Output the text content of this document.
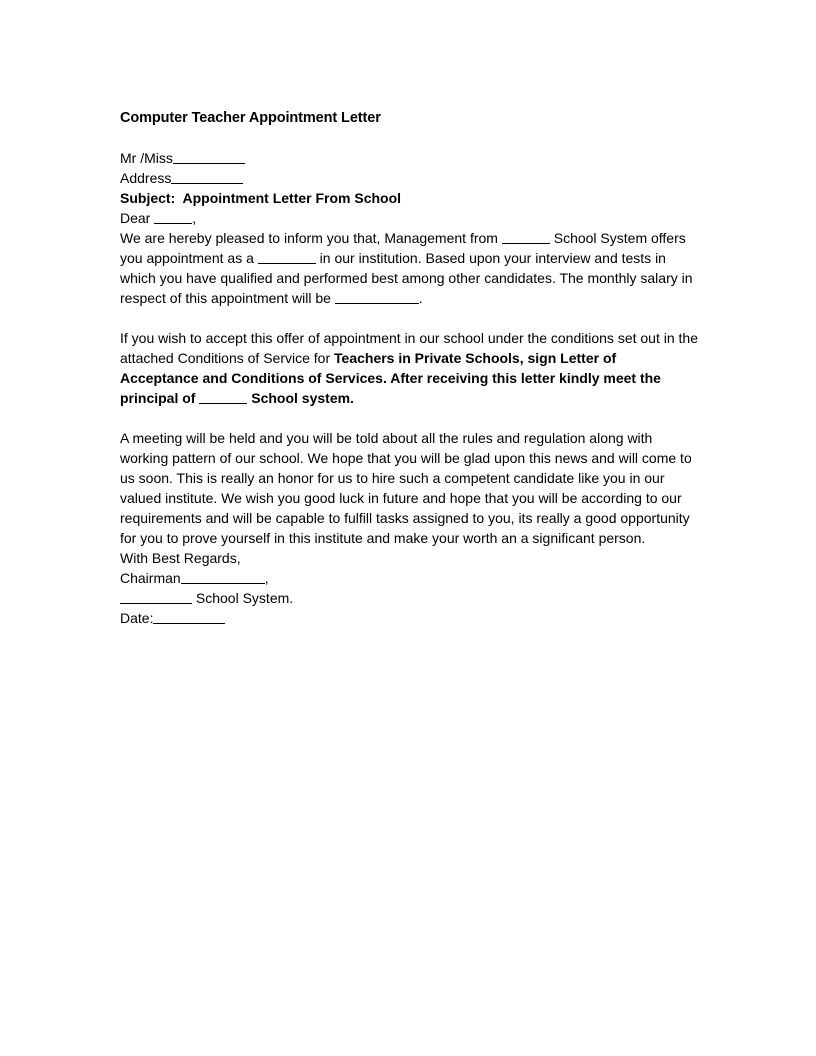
Computer Teacher Appointment Letter
Mr /Miss
Address
Subject: Appointment Letter From School
Dear	,
We are hereby pleased to inform you that, Management from	School System offers you appointment as a	in our institution. Based upon your interview and tests in which you have qualified and performed best among other candidates. The monthly salary in respect of this appointment will be	.
If you wish to accept this offer of appointment in our school under the conditions set out in the attached Conditions of Service for Teachers in Private Schools, sign Letter of Acceptance and Conditions of Services. After receiving this letter kindly meet the principal of	School system.
A meeting will be held and you will be told about all the rules and regulation along with working pattern of our school. We hope that you will be glad upon this news and will come to us soon. This is really an honor for us to hire such a competent candidate like you in our valued institute. We wish you good luck in future and hope that you will be according to our requirements and will be capable to fulfill tasks assigned to you, its really a good opportunity for you to prove yourself in this institute and make your worth an a significant person.
With Best Regards,
Chairman	,
School System.
Date:
